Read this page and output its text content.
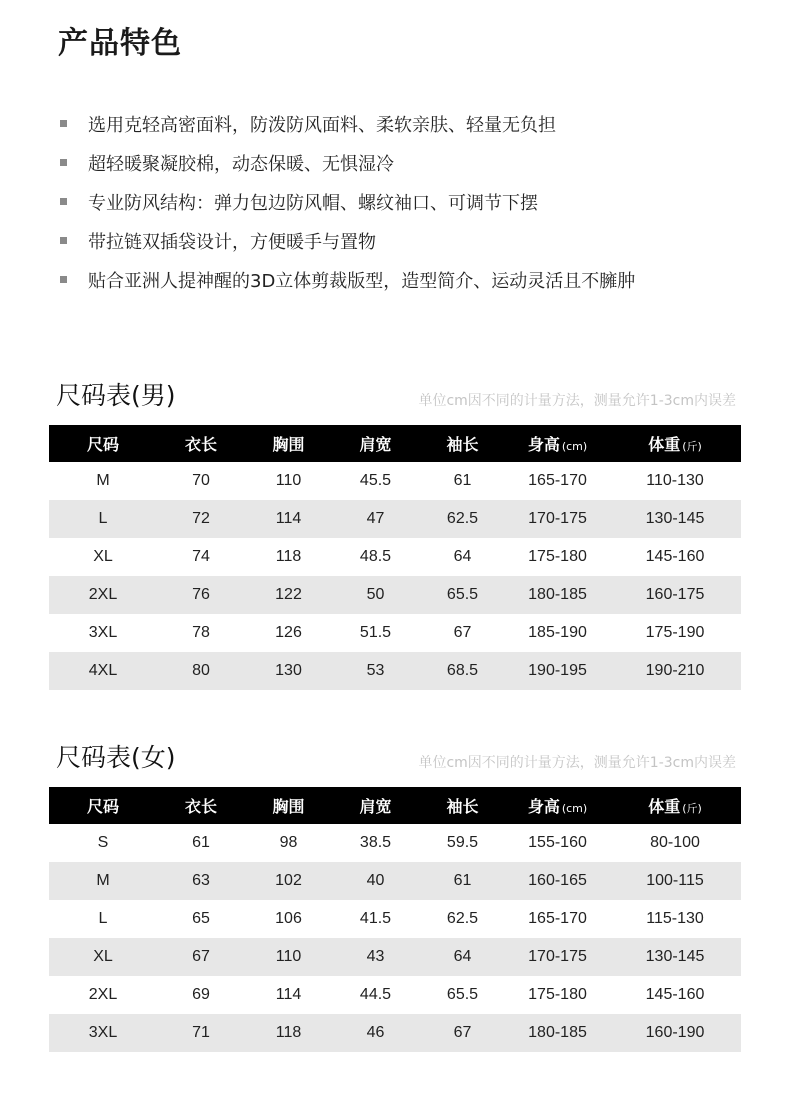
产品特色
选用克轻高密面料，防泼防风面料、柔软亲肤、轻量无负担
超轻暖聚凝胶棉，动态保暖、无惧湿冷
专业防风结构：弹力包边防风帽、螺纹袖口、可调节下摆
带拉链双插袋设计，方便暖手与置物
贴合亚洲人提神醒的3D立体剪裁版型，造型简介、运动灵活且不臃肿
尺码表(男)	单位cm因不同的计量方法，测量允许1-3cm内误差
尺码	衣长	胸围	肩宽	袖长	身高 (cm)	体重 (斤)
M	70	110	45.5	61	165-170	110-130
L	72	114	47	62.5	170-175	130-145
XL	74	118	48.5	64	175-180	145-160
2XL	76	122	50	65.5	180-185	160-175
3XL	78	126	51.5	67	185-190	175-190
4XL	80	130	53	68.5	190-195	190-210
尺码表(女)	单位cm因不同的计量方法，测量允许1-3cm内误差
尺码	衣长	胸围	肩宽	袖长	身高 (cm)	体重 (斤)
S	61	98	38.5	59.5	155-160	80-100
M	63	102	40	61	160-165	100-115
L	65	106	41.5	62.5	165-170	115-130
XL	67	110	43	64	170-175	130-145
2XL	69	114	44.5	65.5	175-180	145-160
3XL	71	118	46	67	180-185	160-190
